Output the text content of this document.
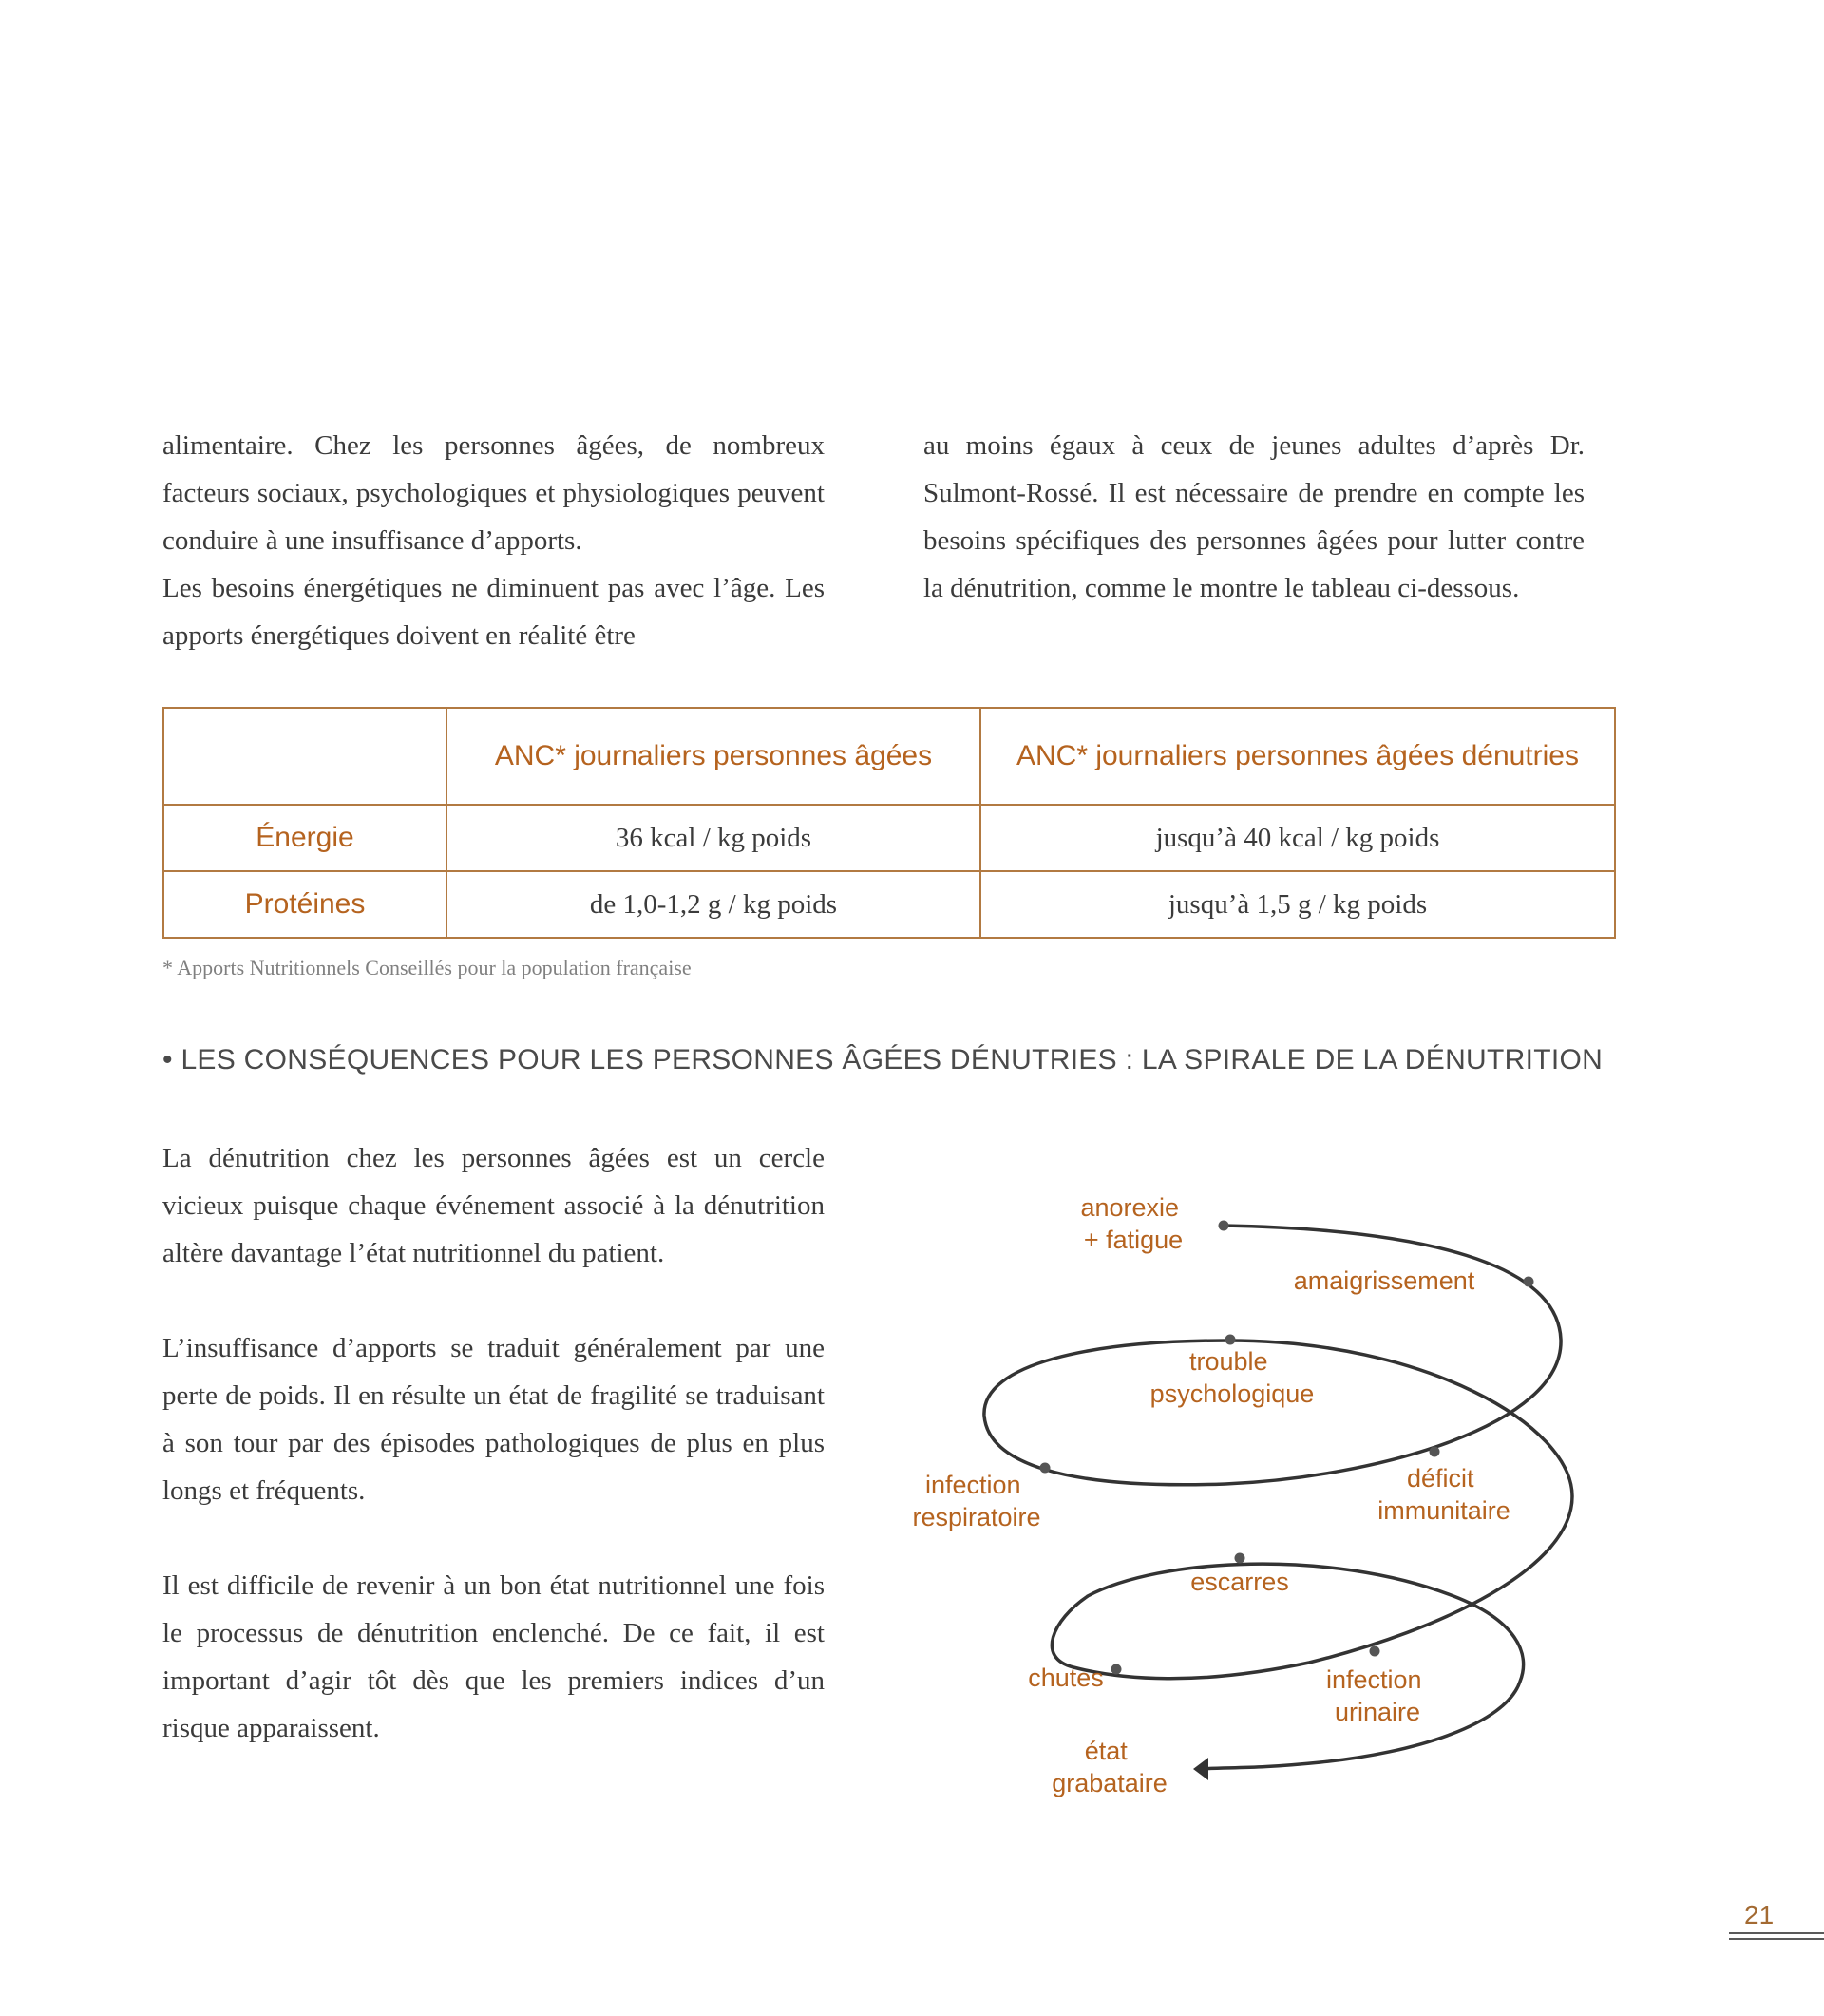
alimentaire. Chez les personnes âgées, de nombreux facteurs sociaux, psychologiques et physiologiques peuvent conduire à une insuffisance d’apports.

Les besoins énergétiques ne diminuent pas avec l’âge. Les apports énergétiques doivent en réalité être

au moins égaux à ceux de jeunes adultes d’après Dr. Sulmont-Rossé. Il est nécessaire de prendre en compte les besoins spécifiques des personnes âgées pour lutter contre la dénutrition, comme le montre le tableau ci-dessous.

	ANC* journaliers personnes âgées	ANC* journaliers personnes âgées dénutries
Énergie	36 kcal / kg poids	jusqu’à 40 kcal / kg poids
Protéines	de 1,0-1,2 g / kg poids	jusqu’à 1,5 g / kg poids
* Apports Nutritionnels Conseillés pour la population française
• LES CONSÉQUENCES POUR LES PERSONNES ÂGÉES DÉNUTRIES : LA SPIRALE DE LA DÉNUTRITION

La dénutrition chez les personnes âgées est un cercle vicieux puisque chaque événement associé à la dénutrition altère davantage l’état nutritionnel du patient.

L’insuffisance d’apports se traduit généralement par une perte de poids. Il en résulte un état de fragilité se traduisant à son tour par des épisodes pathologiques de plus en plus longs et fréquents.

Il est difficile de revenir à un bon état nutritionnel une fois le processus de dénutrition enclenché. De ce fait, il est important d’agir tôt dès que les premiers indices d’un risque apparaissent.

anorexie + fatigue
amaigrissement
trouble psychologique
infection respiratoire
déficit immunitaire
escarres
chutes	infection urinaire
état grabataire
21
